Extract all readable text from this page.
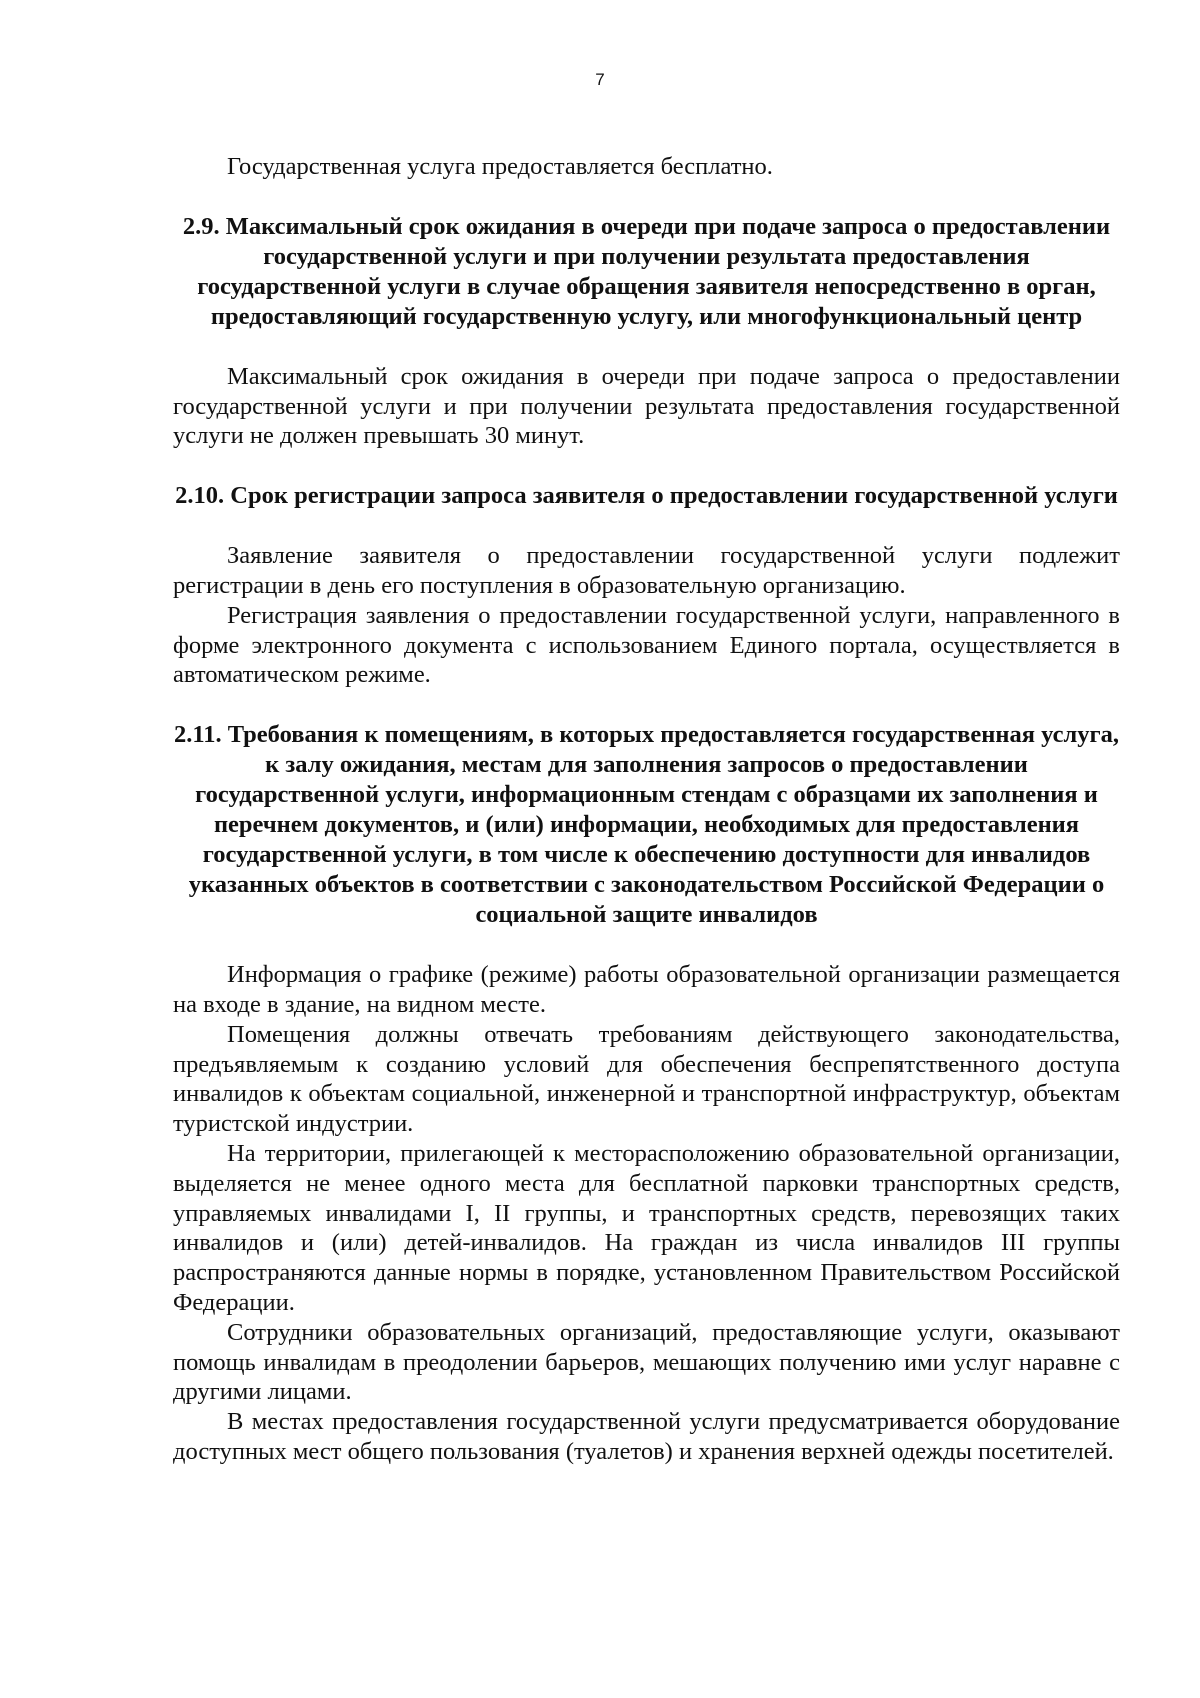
7

Государственная услуга предоставляется бесплатно.

2.9. Максимальный срок ожидания в очереди при подаче запроса о предоставлении государственной услуги и при получении результата предоставления государственной услуги в случае обращения заявителя непосредственно в орган, предоставляющий государственную услугу, или многофункциональный центр

Максимальный срок ожидания в очереди при подаче запроса о предоставлении государственной услуги и при получении результата предоставления государственной услуги не должен превышать 30 минут.

2.10. Срок регистрации запроса заявителя о предоставлении государственной услуги

Заявление заявителя о предоставлении государственной услуги подлежит регистрации в день его поступления в образовательную организацию.

Регистрация заявления о предоставлении государственной услуги, направленного в форме электронного документа с использованием Единого портала, осуществляется в автоматическом режиме.

2.11. Требования к помещениям, в которых предоставляется государственная услуга, к залу ожидания, местам для заполнения запросов о предоставлении государственной услуги, информационным стендам с образцами их заполнения и перечнем документов, и (или) информации, необходимых для предоставления государственной услуги, в том числе к обеспечению доступности для инвалидов указанных объектов в соответствии с законодательством Российской Федерации о социальной защите инвалидов

Информация о графике (режиме) работы образовательной организации размещается на входе в здание, на видном месте.

Помещения должны отвечать требованиям действующего законодательства, предъявляемым к созданию условий для обеспечения беспрепятственного доступа инвалидов к объектам социальной, инженерной и транспортной инфраструктур, объектам туристской индустрии.

На территории, прилегающей к месторасположению образовательной организации, выделяется не менее одного места для бесплатной парковки транспортных средств, управляемых инвалидами I, II группы, и транспортных средств, перевозящих таких инвалидов и (или) детей-инвалидов. На граждан из числа инвалидов III группы распространяются данные нормы в порядке, установленном Правительством Российской Федерации.

Сотрудники образовательных организаций, предоставляющие услуги, оказывают помощь инвалидам в преодолении барьеров, мешающих получению ими услуг наравне с другими лицами.

В местах предоставления государственной услуги предусматривается оборудование доступных мест общего пользования (туалетов) и хранения верхней одежды посетителей.
